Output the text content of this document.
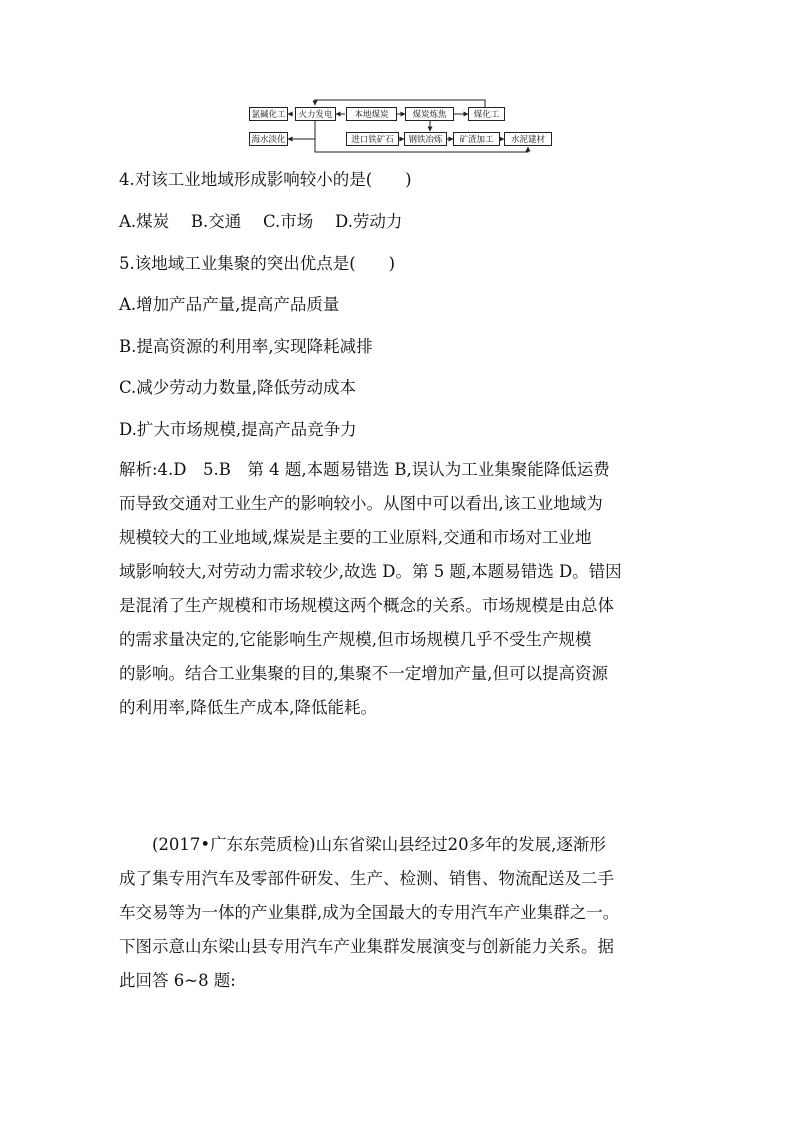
氯碱化工	火力发电	本地煤炭	煤炭炼焦	煤化工
海水淡化	进口铁矿石	钢铁冶炼	矿渣加工	水泥建材
4.对该工业地域形成影响较小的是(　　)
A.煤炭　 B.交通　 C.市场　 D.劳动力
5.该地域工业集聚的突出优点是(　　)
A.增加产品产量,提高产品质量
B.提高资源的利用率,实现降耗减排
C.减少劳动力数量,降低劳动成本
D.扩大市场规模,提高产品竞争力
解析:4.D　5.B　第 4 题,本题易错选 B,误认为工业集聚能降低运费
而导致交通对工业生产的影响较小。从图中可以看出,该工业地域为
规模较大的工业地域,煤炭是主要的工业原料,交通和市场对工业地
域影响较大,对劳动力需求较少,故选 D。第 5 题,本题易错选 D。错因
是混淆了生产规模和市场规模这两个概念的关系。市场规模是由总体
的需求量决定的,它能影响生产规模,但市场规模几乎不受生产规模
的影响。结合工业集聚的目的,集聚不一定增加产量,但可以提高资源
的利用率,降低生产成本,降低能耗。
(2017•广东东莞质检)山东省梁山县经过20多年的发展,逐渐形
成了集专用汽车及零部件研发、生产、检测、销售、物流配送及二手
车交易等为一体的产业集群,成为全国最大的专用汽车产业集群之一。
下图示意山东梁山县专用汽车产业集群发展演变与创新能力关系。据
此回答 6~8 题:
